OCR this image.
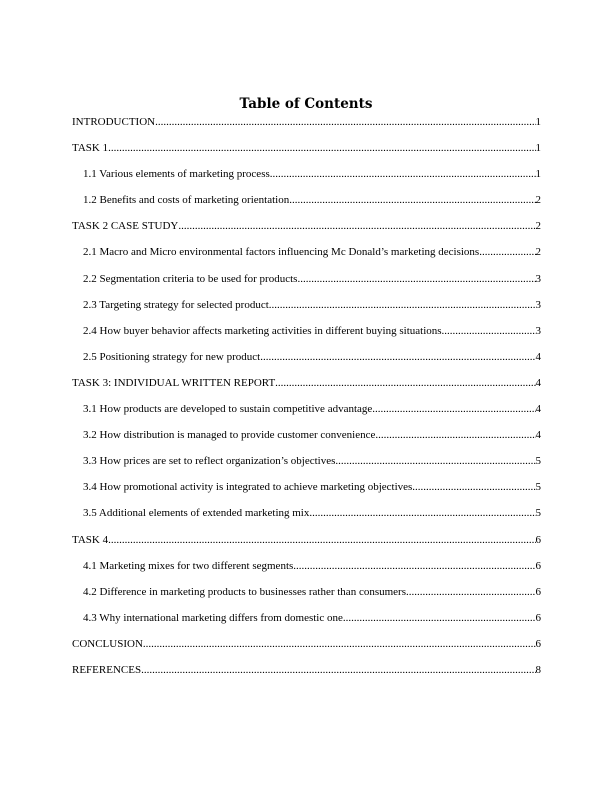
Table of Contents
INTRODUCTION .....	1
TASK 1 .....	1
1.1 Various elements of marketing process .....	1
1.2 Benefits and costs of marketing orientation .....	2
TASK 2 CASE STUDY .....	2
2.1 Macro and Micro environmental factors influencing Mc Donald’s marketing decisions .....	2
2.2 Segmentation criteria to be used for products .....	3
2.3 Targeting strategy for selected product .....	3
2.4 How buyer behavior affects marketing activities in different buying situations .....	3
2.5 Positioning strategy for new product .....	4
TASK 3: INDIVIDUAL WRITTEN REPORT .....	4
3.1 How products are developed to sustain competitive advantage .....	4
3.2 How distribution is managed to provide customer convenience .....	4
3.3 How prices are set to reflect organization’s objectives .....	5
3.4 How promotional activity is integrated to achieve marketing objectives .....	5
3.5 Additional elements of extended marketing mix .....	5
TASK 4 .....	6
4.1 Marketing mixes for two different segments .....	6
4.2 Difference in marketing products to businesses rather than consumers .....	6
4.3 Why international marketing differs from domestic one .....	6
CONCLUSION .....	6
REFERENCES .....	8
